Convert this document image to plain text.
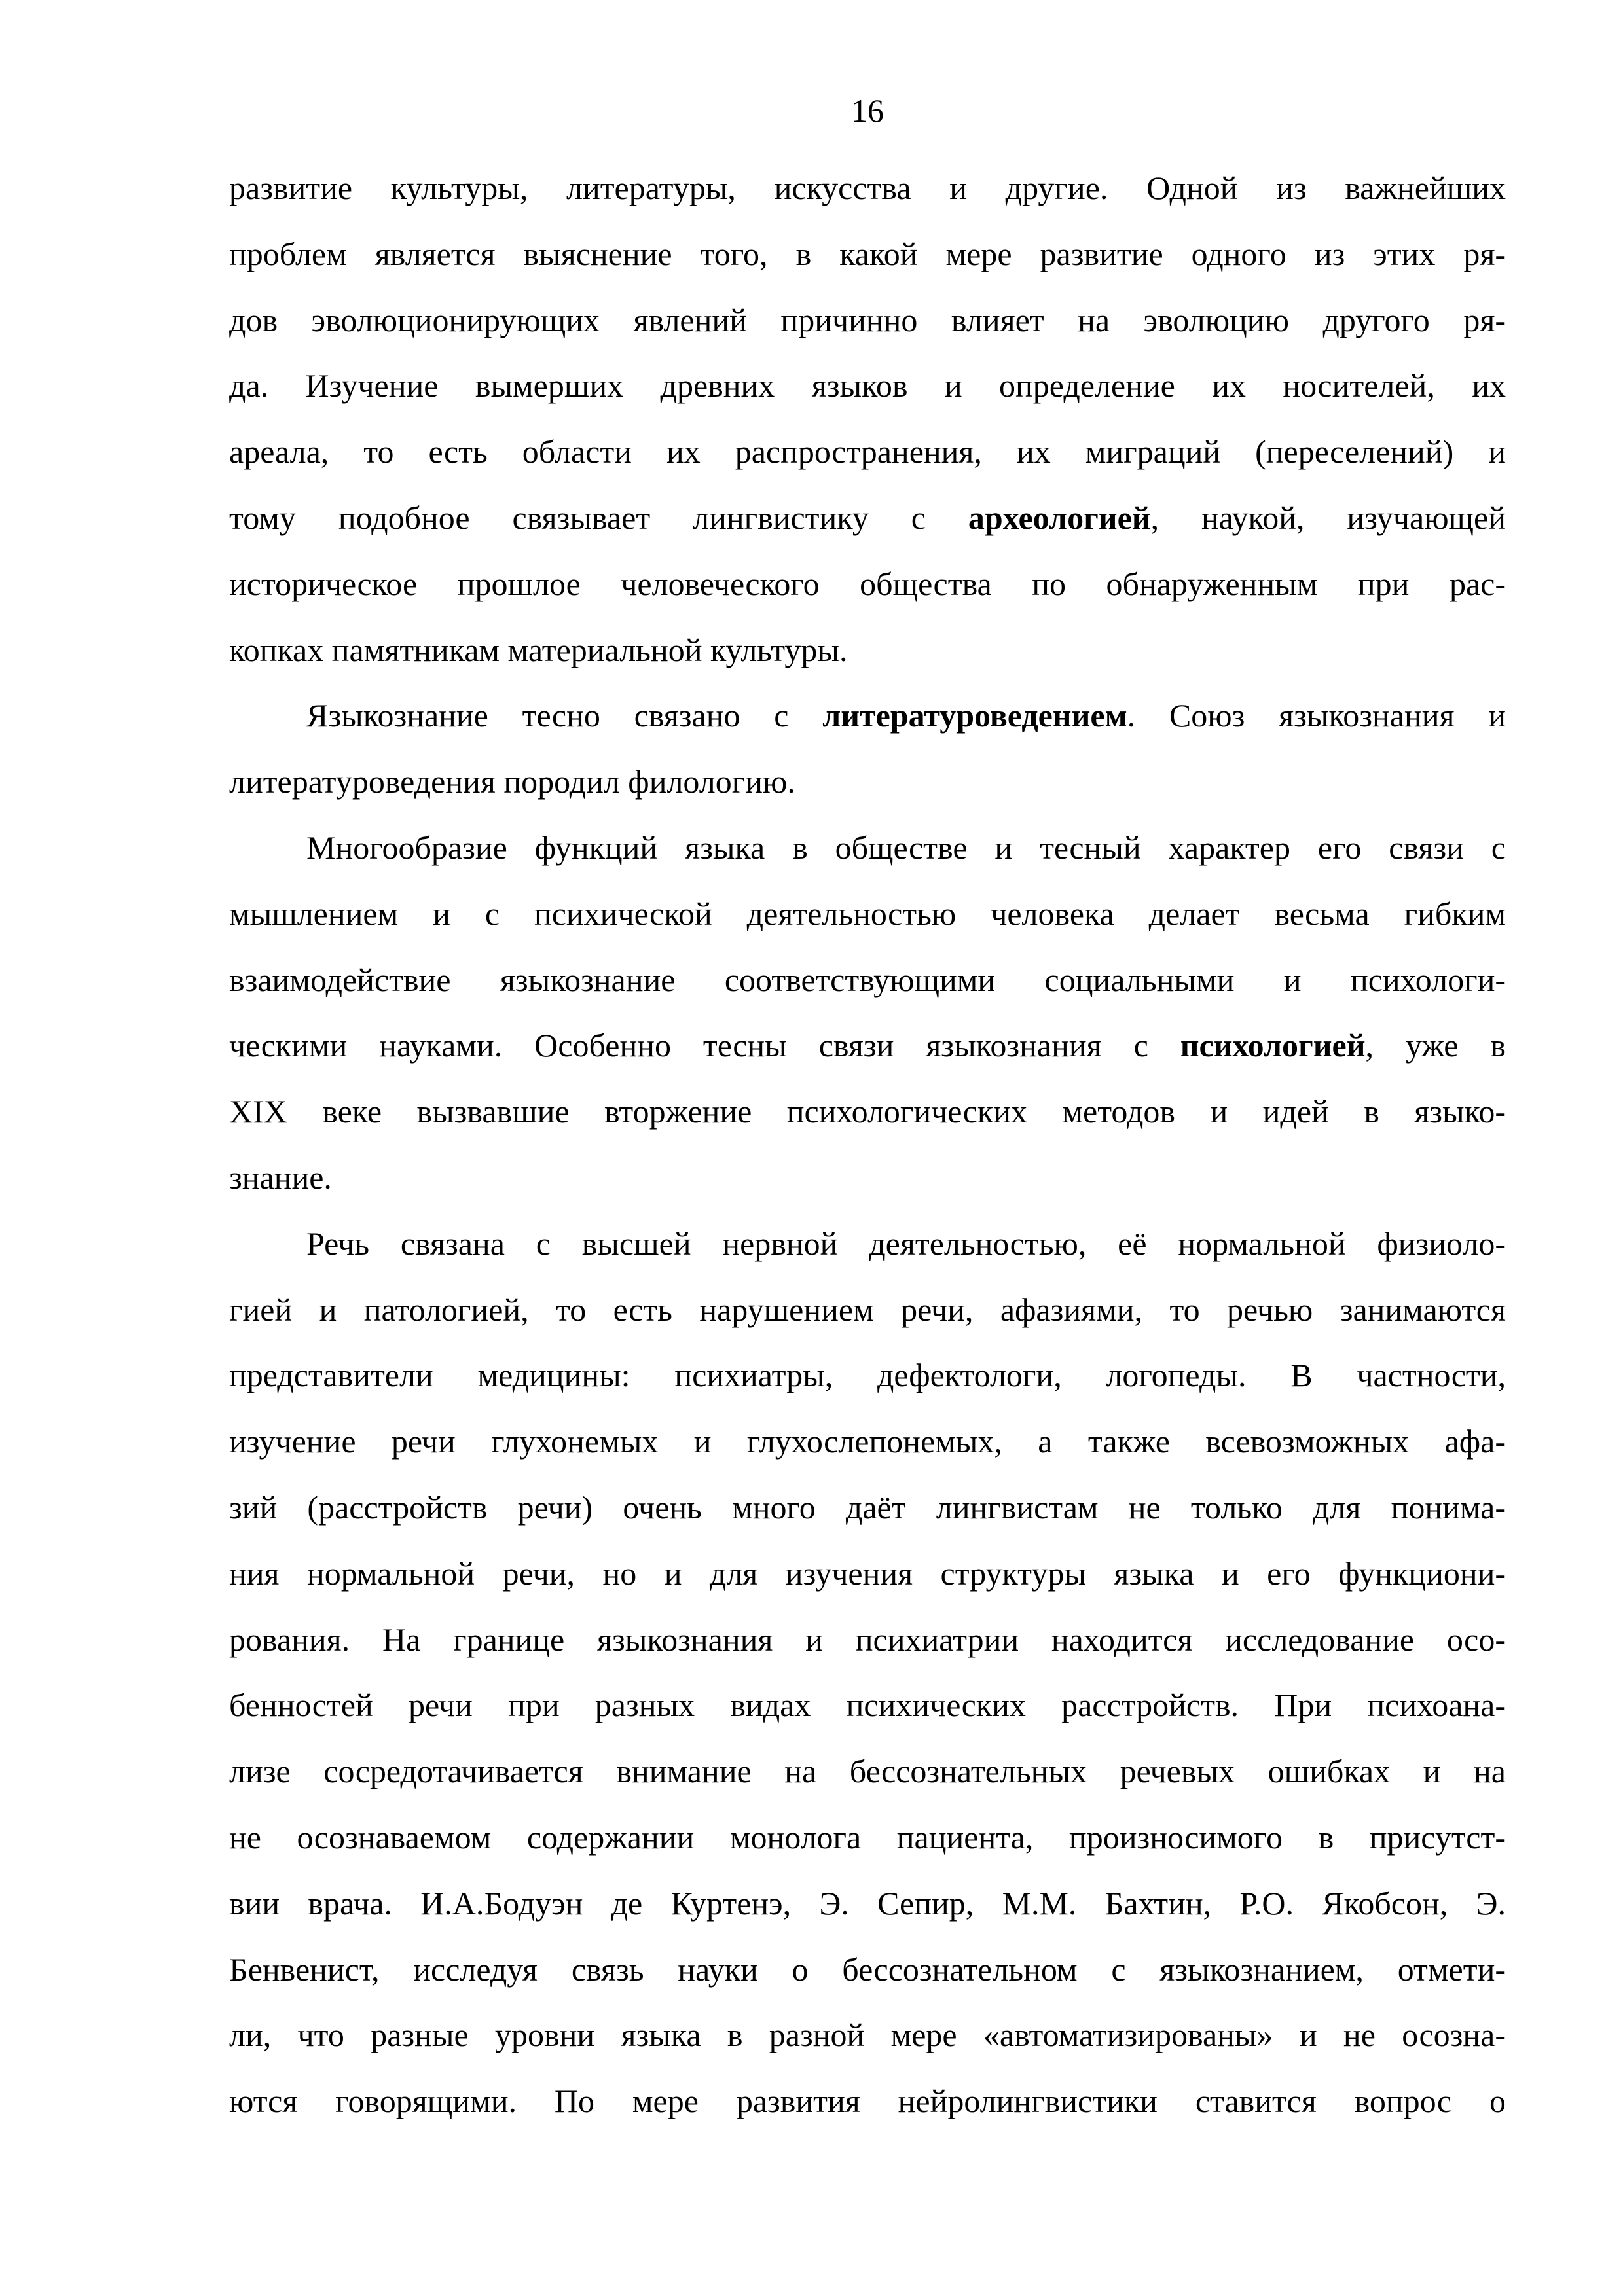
16
развитие культуры, литературы, искусства и другие. Одной из важнейших
проблем является выяснение того, в какой мере развитие одного из этих ря-
дов эволюционирующих явлений причинно влияет на эволюцию другого ря-
да. Изучение вымерших древних языков и определение их носителей, их
ареала, то есть области их распространения, их миграций (переселений) и
тому подобное связывает лингвистику с археологией, наукой, изучающей
историческое прошлое человеческого общества по обнаруженным при рас-
копках памятникам материальной культуры.
Языкознание тесно связано с литературоведением. Союз языкознания и
литературоведения породил филологию.
Многообразие функций языка в обществе и тесный характер его связи с
мышлением и с психической деятельностью человека делает весьма гибким
взаимодействие языкознание соответствующими социальными и психологи-
ческими науками. Особенно тесны связи языкознания с психологией, уже в
XIX веке вызвавшие вторжение психологических методов и идей в языко-
знание.
Речь связана с высшей нервной деятельностью, её нормальной физиоло-
гией и патологией, то есть нарушением речи, афазиями, то речью занимаются
представители медицины: психиатры, дефектологи, логопеды. В частности,
изучение речи глухонемых и глухослепонемых, а также всевозможных афа-
зий (расстройств речи) очень много даёт лингвистам не только для понима-
ния нормальной речи, но и для изучения структуры языка и его функциони-
рования. На границе языкознания и психиатрии находится исследование осо-
бенностей речи при разных видах психических расстройств. При психоана-
лизе сосредотачивается внимание на бессознательных речевых ошибках и на
не осознаваемом содержании монолога пациента, произносимого в присутст-
вии врача. И.А.Бодуэн де Куртенэ, Э. Сепир, М.М. Бахтин, Р.О. Якобсон, Э.
Бенвенист, исследуя связь науки о бессознательном с языкознанием, отмети-
ли, что разные уровни языка в разной мере «автоматизированы» и не осозна-
ются говорящими. По мере развития нейролингвистики ставится вопрос о
